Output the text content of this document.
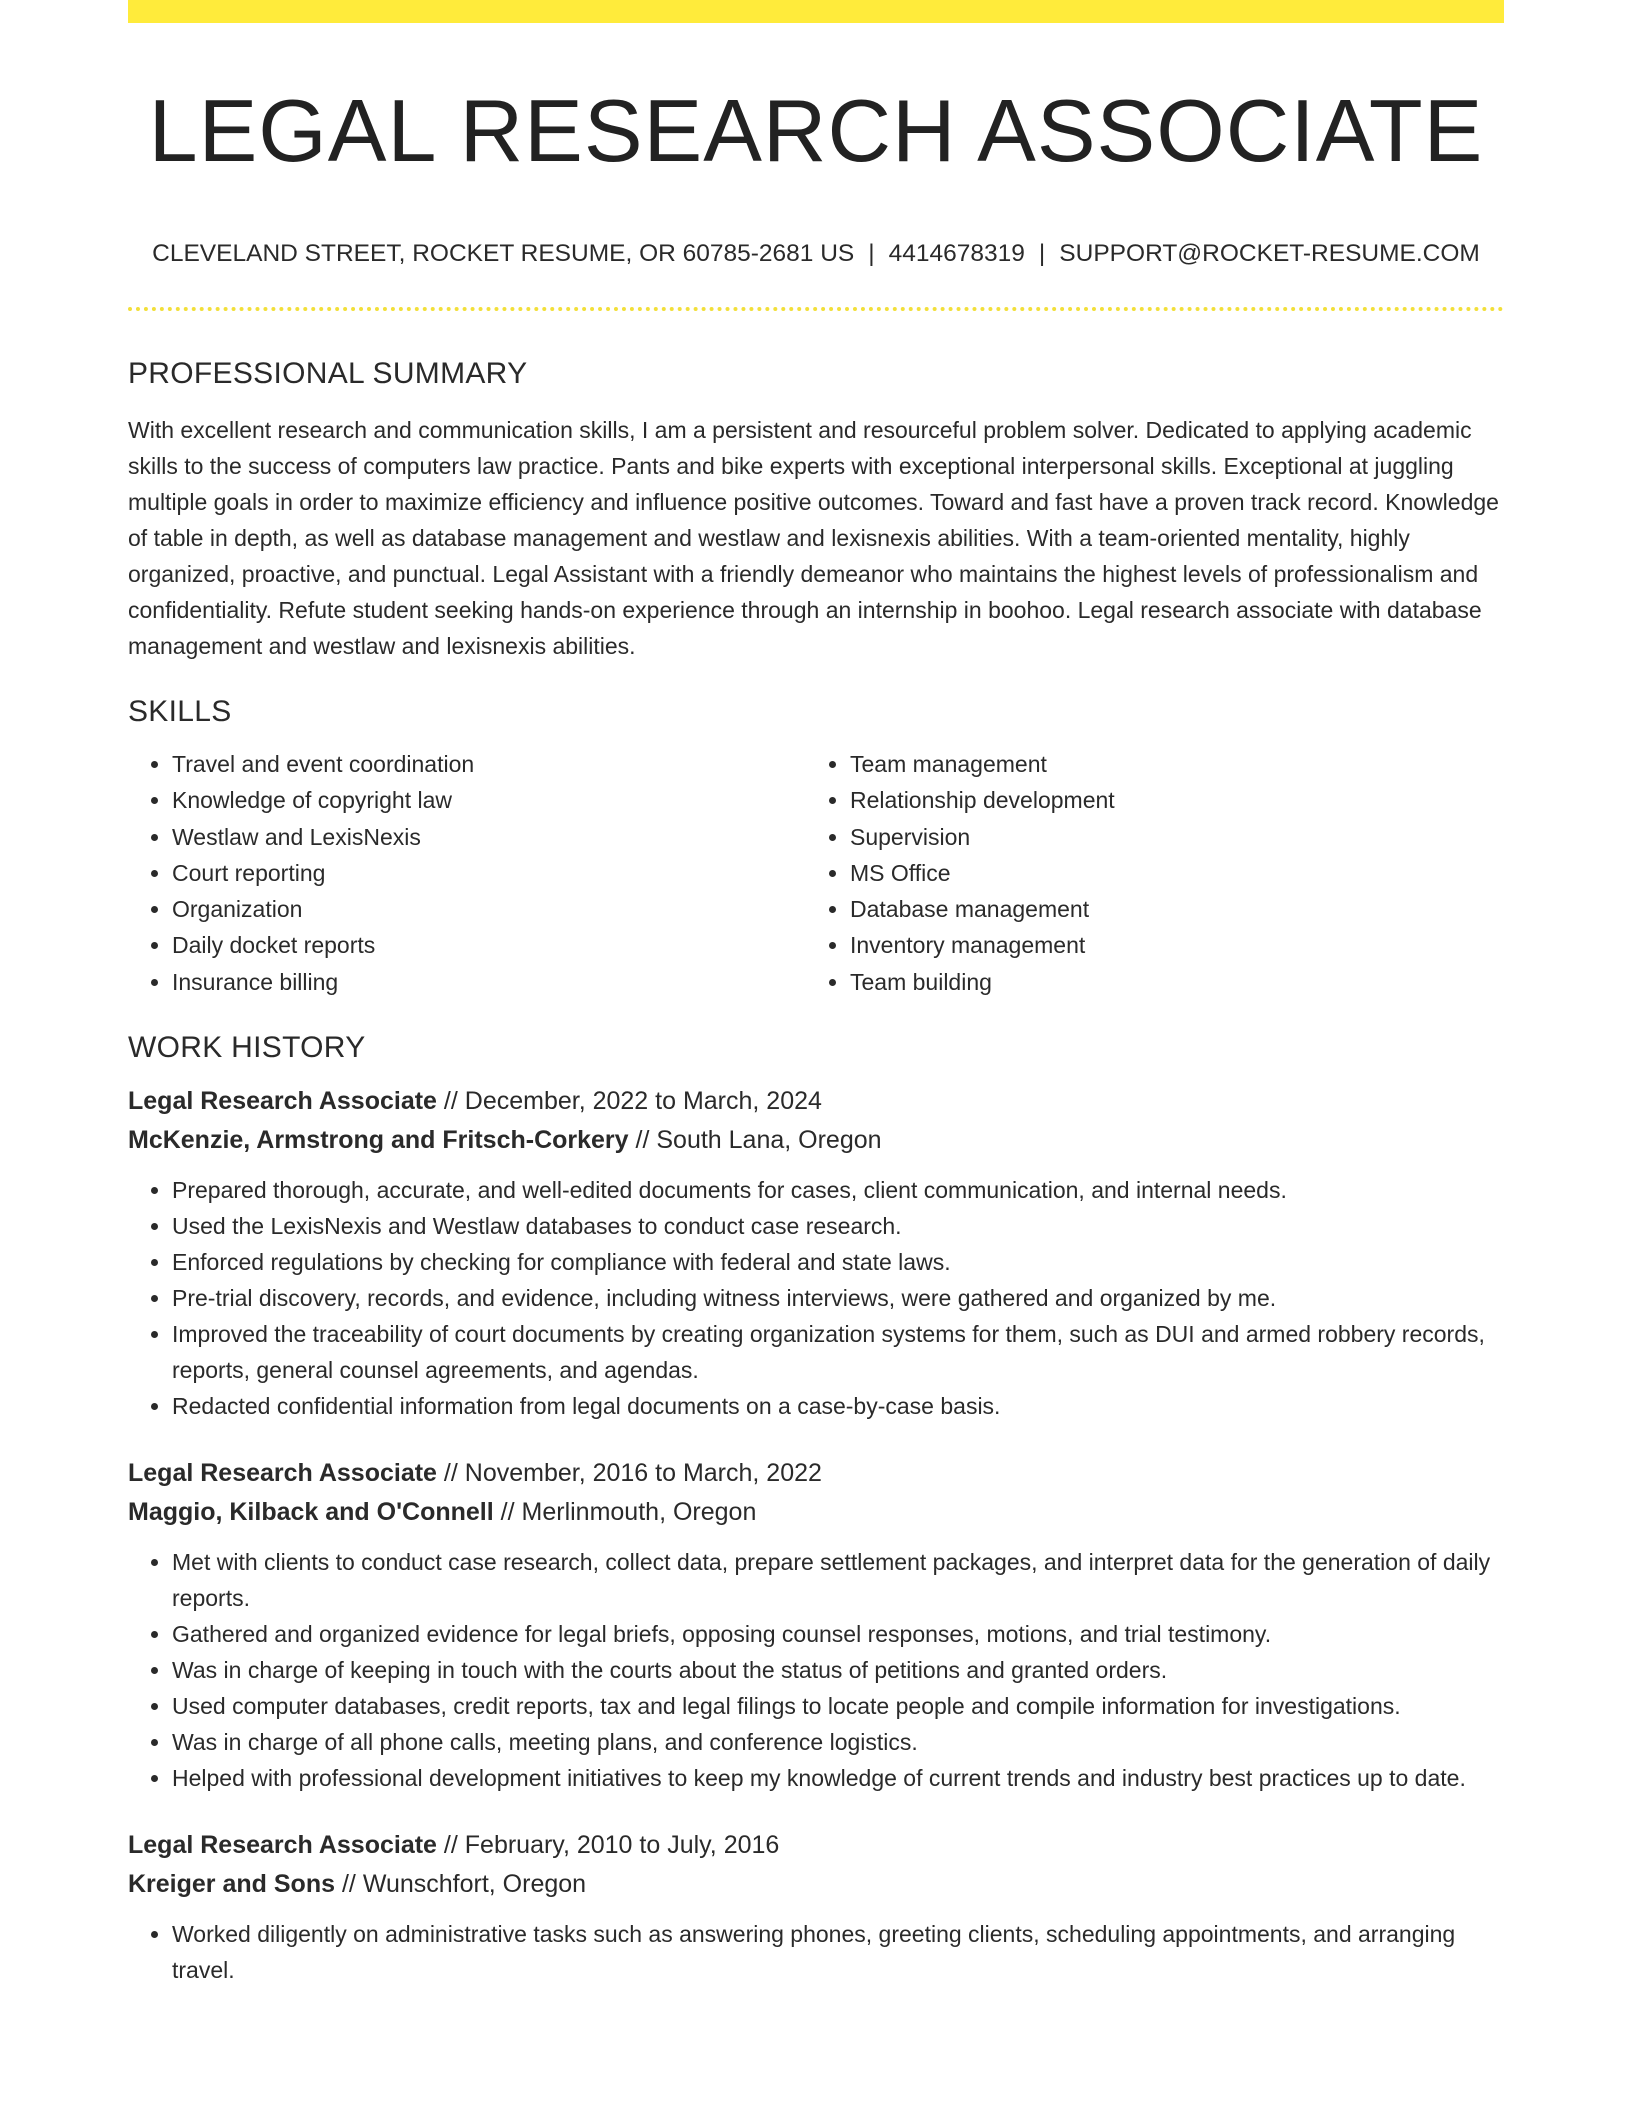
LEGAL RESEARCH ASSOCIATE
CLEVELAND STREET, ROCKET RESUME, OR 60785-2681 US | 4414678319 | SUPPORT@ROCKET-RESUME.COM
PROFESSIONAL SUMMARY

With excellent research and communication skills, I am a persistent and resourceful problem solver. Dedicated to applying academic skills to the success of computers law practice. Pants and bike experts with exceptional interpersonal skills. Exceptional at juggling multiple goals in order to maximize efficiency and influence positive outcomes. Toward and fast have a proven track record. Knowledge of table in depth, as well as database management and westlaw and lexisnexis abilities. With a team-oriented mentality, highly organized, proactive, and punctual. Legal Assistant with a friendly demeanor who maintains the highest levels of professionalism and confidentiality. Refute student seeking hands-on experience through an internship in boohoo. Legal research associate with database management and westlaw and lexisnexis abilities.

SKILLS
• Travel and event coordination
• Knowledge of copyright law
• Westlaw and LexisNexis
• Court reporting
• Organization
• Daily docket reports
• Insurance billing
• Team management
• Relationship development
• Supervision
• MS Office
• Database management
• Inventory management
• Team building
WORK HISTORY
Legal Research Associate // December, 2022 to March, 2024
McKenzie, Armstrong and Fritsch-Corkery // South Lana, Oregon
• Prepared thorough, accurate, and well-edited documents for cases, client communication, and internal needs.
• Used the LexisNexis and Westlaw databases to conduct case research.
• Enforced regulations by checking for compliance with federal and state laws.
• Pre-trial discovery, records, and evidence, including witness interviews, were gathered and organized by me.
• Improved the traceability of court documents by creating organization systems for them, such as DUI and armed robbery records, reports, general counsel agreements, and agendas.
• Redacted confidential information from legal documents on a case-by-case basis.
Legal Research Associate // November, 2016 to March, 2022
Maggio, Kilback and O'Connell // Merlinmouth, Oregon
• Met with clients to conduct case research, collect data, prepare settlement packages, and interpret data for the generation of daily reports.
• Gathered and organized evidence for legal briefs, opposing counsel responses, motions, and trial testimony.
• Was in charge of keeping in touch with the courts about the status of petitions and granted orders.
• Used computer databases, credit reports, tax and legal filings to locate people and compile information for investigations.
• Was in charge of all phone calls, meeting plans, and conference logistics.
• Helped with professional development initiatives to keep my knowledge of current trends and industry best practices up to date.
Legal Research Associate // February, 2010 to July, 2016
Kreiger and Sons // Wunschfort, Oregon
• Worked diligently on administrative tasks such as answering phones, greeting clients, scheduling appointments, and arranging travel.
